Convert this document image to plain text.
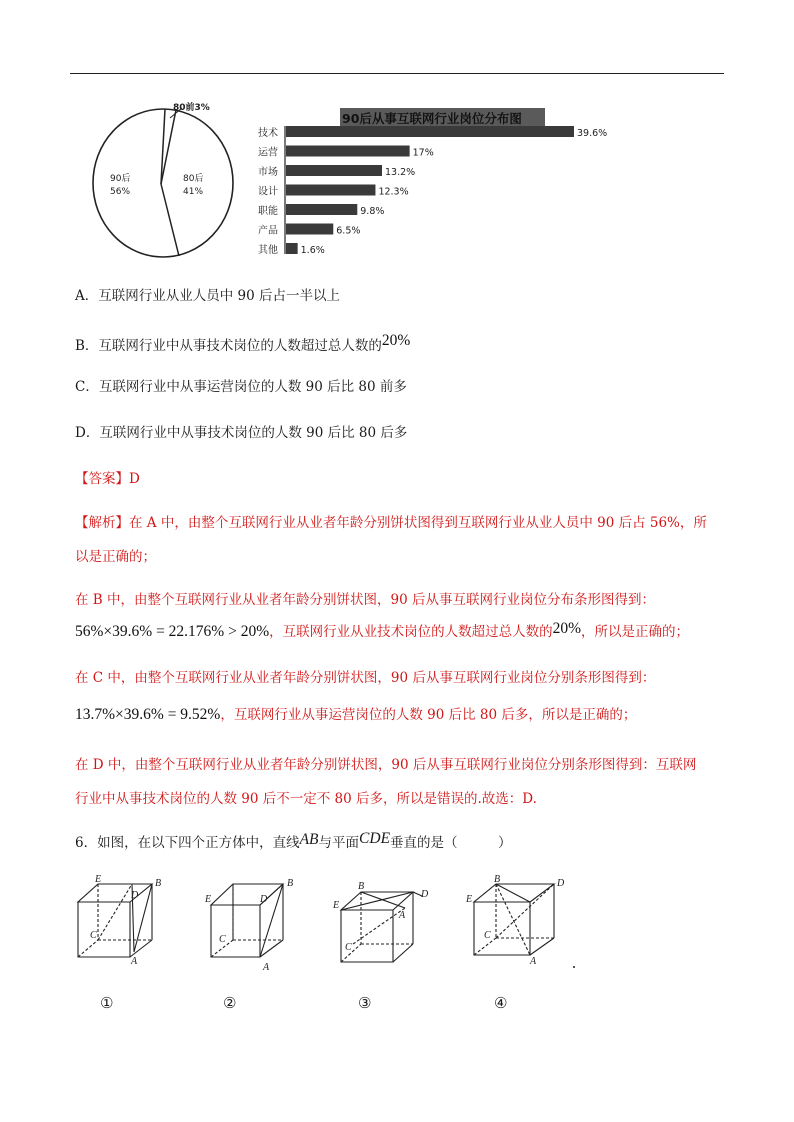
80前3%
90后
56%
80后
41%
90后从事互联网行业岗位分布图
技术	39.6%
运营	17%
市场	13.2%
设计	12.3%
职能	9.8%
产品	6.5%
其他 1.6%
A．互联网行业从业人员中 90 后占一半以上
B．互联网行业中从事技术岗位的人数超过总人数的20%
C．互联网行业中从事运营岗位的人数 90 后比 80 前多
D．互联网行业中从事技术岗位的人数 90 后比 80 后多
【答案】D
【解析】在 A 中，由整个互联网行业从业者年龄分别饼状图得到互联网行业从业人员中 90 后占 56%，所
以是正确的；
在 B 中，由整个互联网行业从业者年龄分别饼状图，90 后从事互联网行业岗位分布条形图得到：
56%×39.6% = 22.176% > 20%，互联网行业从业技术岗位的人数超过总人数的20%，所以是正确的；
在 C 中，由整个互联网行业从业者年龄分别饼状图，90 后从事互联网行业岗位分别条形图得到：
13.7%×39.6% = 9.52%，互联网行业从事运营岗位的人数 90 后比 80 后多，所以是正确的；
在 D 中，由整个互联网行业从业者年龄分别饼状图，90 后从事互联网行业岗位分别条形图得到：互联网
行业中从事技术岗位的人数 90 后不一定不 80 后多，所以是错误的.故选：D.
6．如图，在以下四个正方体中，直线AB与平面CDE垂直的是（　　　）
E
D
B
C
A
E	D
B
C
A
B
D
E
A
C
B	D
E
C
A
①	②	③	④
